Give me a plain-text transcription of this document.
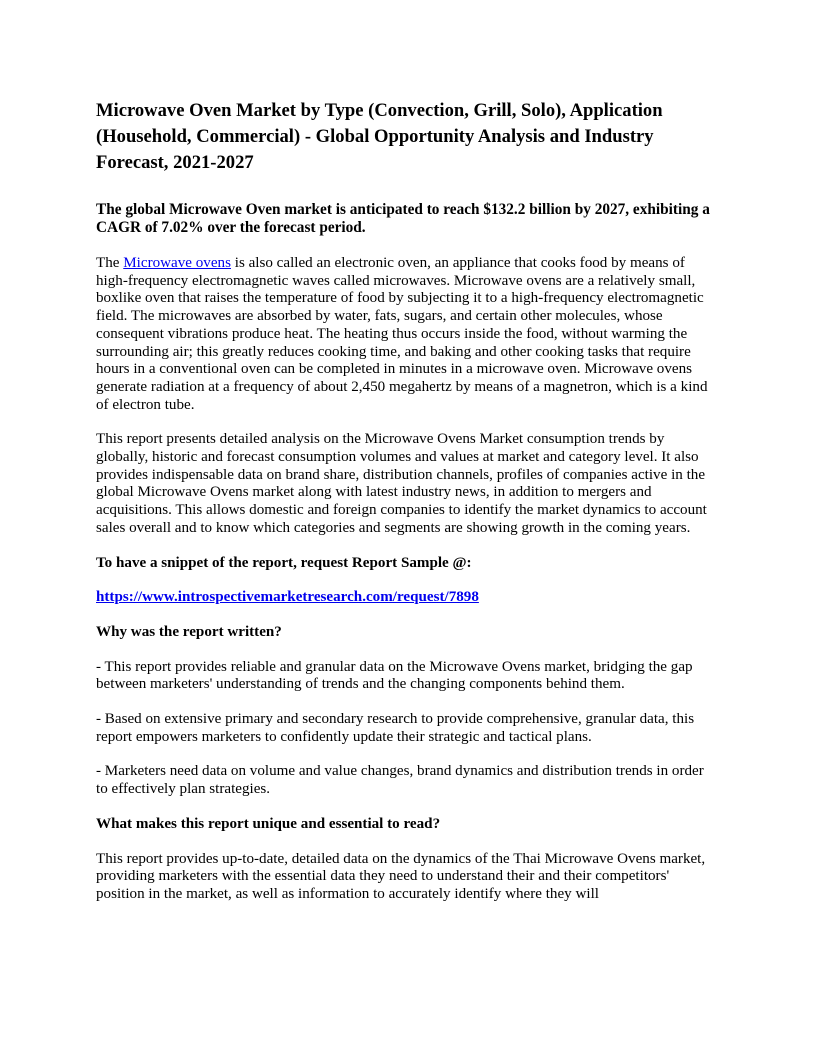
Microwave Oven Market by Type (Convection, Grill, Solo), Application (Household, Commercial) - Global Opportunity Analysis and Industry Forecast, 2021-2027

The global Microwave Oven market is anticipated to reach $132.2 billion by 2027, exhibiting a CAGR of 7.02% over the forecast period.

The Microwave ovens is also called an electronic oven, an appliance that cooks food by means of high-frequency electromagnetic waves called microwaves. Microwave ovens are a relatively small, boxlike oven that raises the temperature of food by subjecting it to a high-frequency electromagnetic field. The microwaves are absorbed by water, fats, sugars, and certain other molecules, whose consequent vibrations produce heat. The heating thus occurs inside the food, without warming the surrounding air; this greatly reduces cooking time, and baking and other cooking tasks that require hours in a conventional oven can be completed in minutes in a microwave oven. Microwave ovens generate radiation at a frequency of about 2,450 megahertz by means of a magnetron, which is a kind of electron tube.

This report presents detailed analysis on the Microwave Ovens Market consumption trends by globally, historic and forecast consumption volumes and values at market and category level. It also provides indispensable data on brand share, distribution channels, profiles of companies active in the global Microwave Ovens market along with latest industry news, in addition to mergers and acquisitions. This allows domestic and foreign companies to identify the market dynamics to account sales overall and to know which categories and segments are showing growth in the coming years.

To have a snippet of the report, request Report Sample @:

https://www.introspectivemarketresearch.com/request/7898

Why was the report written?

- This report provides reliable and granular data on the Microwave Ovens market, bridging the gap between marketers' understanding of trends and the changing components behind them.

- Based on extensive primary and secondary research to provide comprehensive, granular data, this report empowers marketers to confidently update their strategic and tactical plans.

- Marketers need data on volume and value changes, brand dynamics and distribution trends in order to effectively plan strategies.

What makes this report unique and essential to read?

This report provides up-to-date, detailed data on the dynamics of the Thai Microwave Ovens market, providing marketers with the essential data they need to understand their and their competitors' position in the market, as well as information to accurately identify where they will
